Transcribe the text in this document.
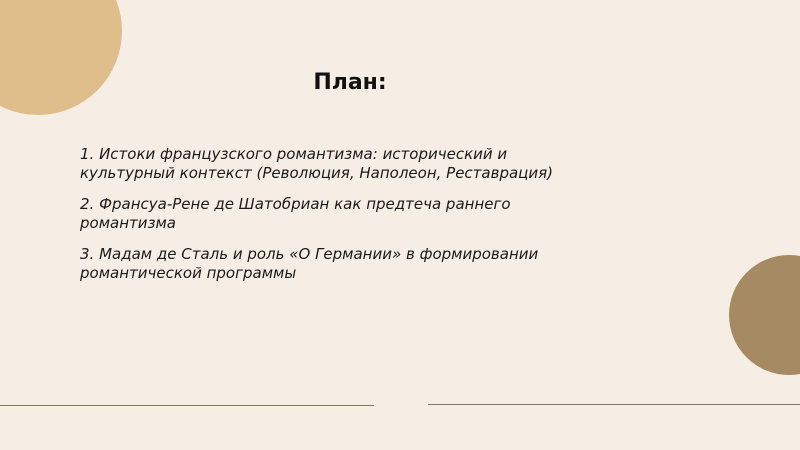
План:
1. Истоки французского романтизма: исторический и культурный контекст (Революция, Наполеон, Реставрация)
2. Франсуа-Рене де Шатобриан как предтеча раннего романтизма
3. Мадам де Сталь и роль «О Германии» в формировании романтической программы
